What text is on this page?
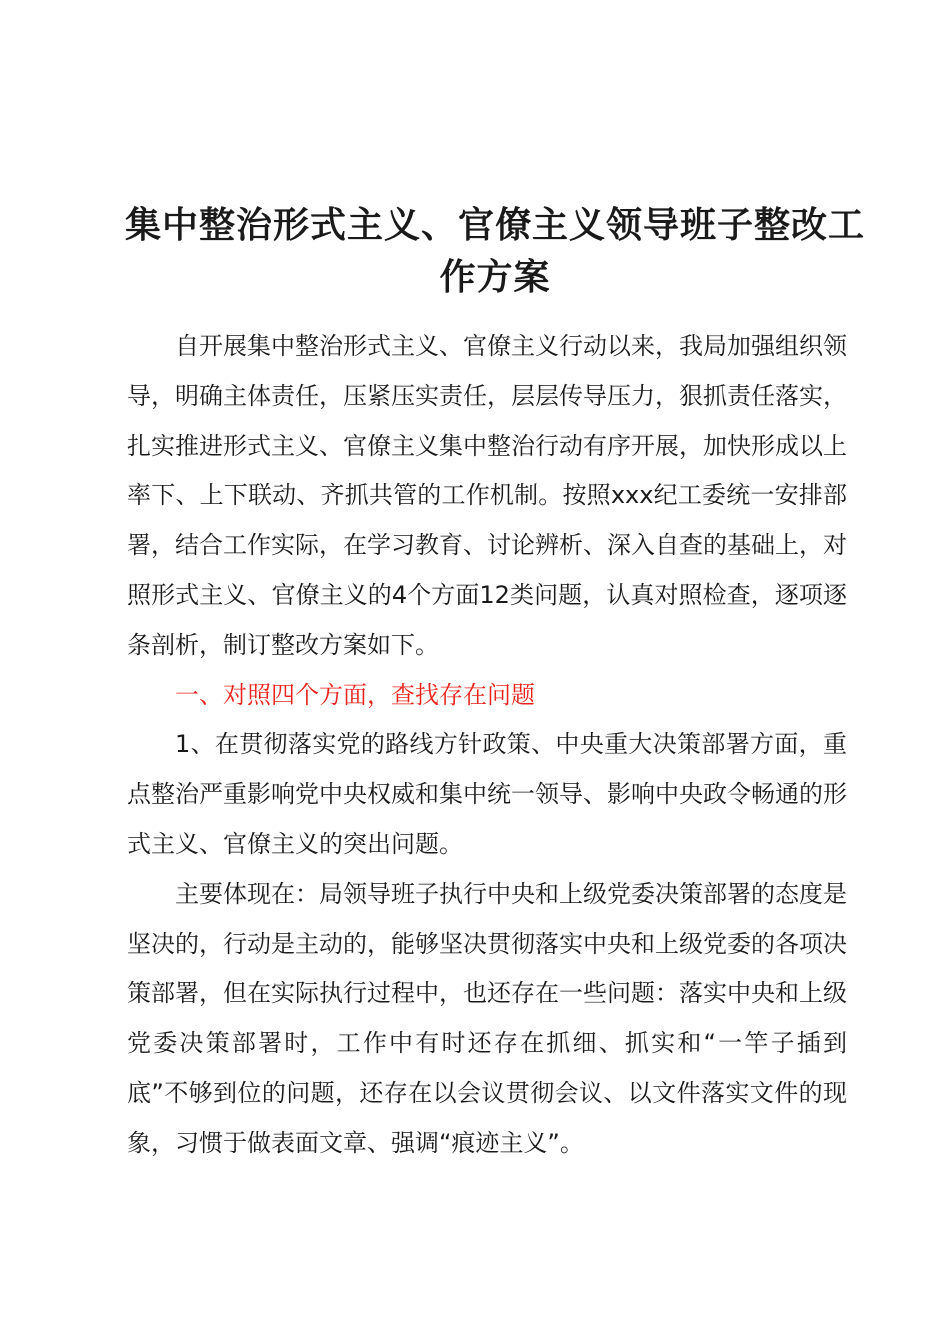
集中整治形式主义、官僚主义领导班子整改工作方案

自开展集中整治形式主义、官僚主义行动以来，我局加强组织领导，明确主体责任，压紧压实责任，层层传导压力，狠抓责任落实，扎实推进形式主义、官僚主义集中整治行动有序开展，加快形成以上率下、上下联动、齐抓共管的工作机制。按照xxx纪工委统一安排部署，结合工作实际，在学习教育、讨论辨析、深入自查的基础上，对照形式主义、官僚主义的4个方面12类问题，认真对照检查，逐项逐条剖析，制订整改方案如下。

一、对照四个方面，查找存在问题

1、在贯彻落实党的路线方针政策、中央重大决策部署方面，重点整治严重影响党中央权威和集中统一领导、影响中央政令畅通的形式主义、官僚主义的突出问题。

主要体现在：局领导班子执行中央和上级党委决策部署的态度是坚决的，行动是主动的，能够坚决贯彻落实中央和上级党委的各项决策部署，但在实际执行过程中，也还存在一些问题：落实中央和上级党委决策部署时，工作中有时还存在抓细、抓实和“一竿子插到底”不够到位的问题，还存在以会议贯彻会议、以文件落实文件的现象，习惯于做表面文章、强调“痕迹主义”。
